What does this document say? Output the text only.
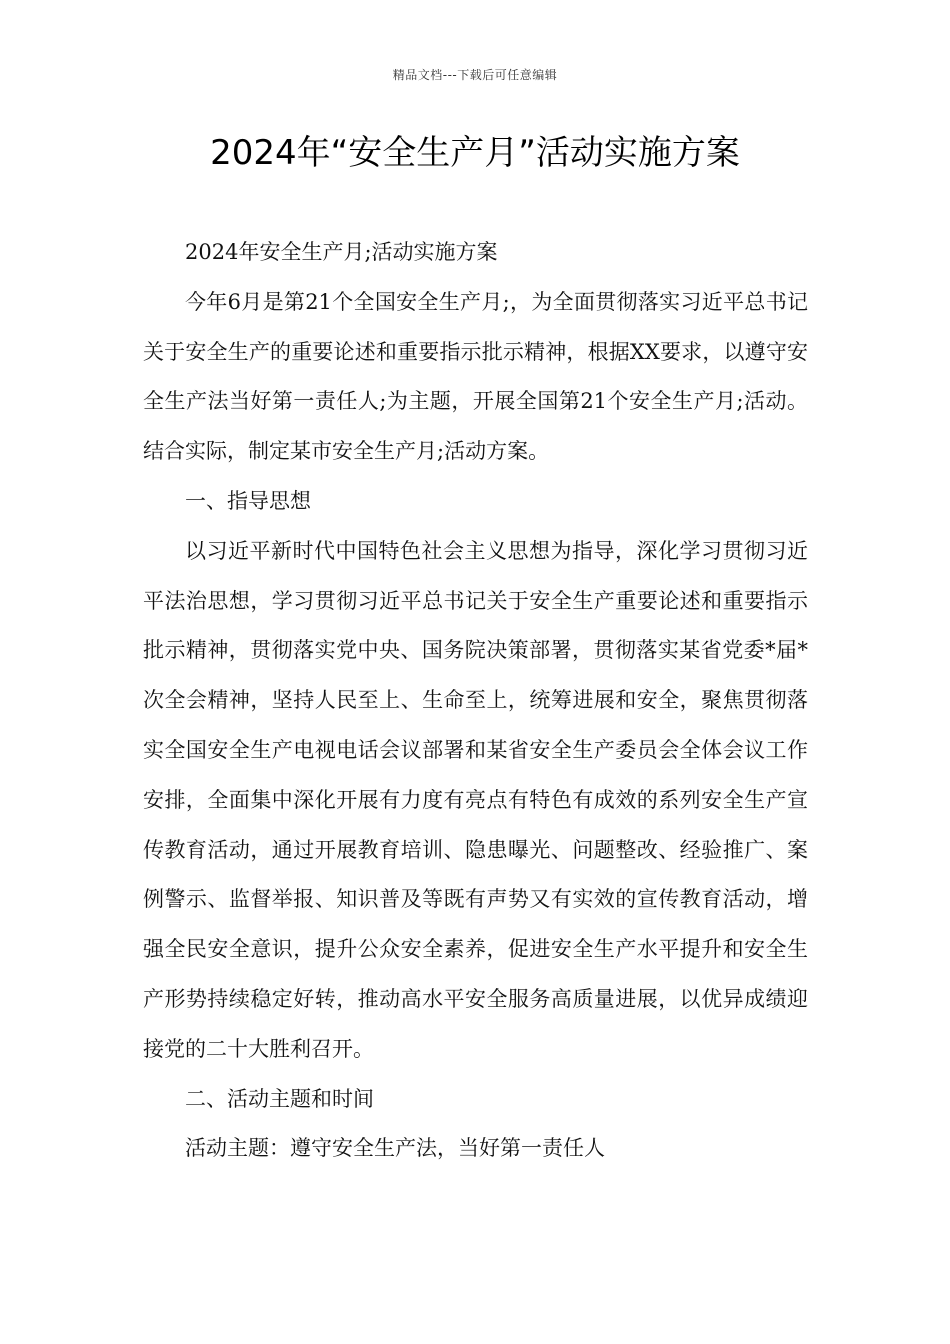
精品文档---下载后可任意编辑
2024年“安全生产月”活动实施方案

2024年安全生产月;活动实施方案

今年6月是第21个全国安全生产月;，为全面贯彻落实习近平总书记关于安全生产的重要论述和重要指示批示精神，根据XX要求，以遵守安全生产法当好第一责任人;为主题，开展全国第21个安全生产月;活动。结合实际，制定某市安全生产月;活动方案。

一、指导思想

以习近平新时代中国特色社会主义思想为指导，深化学习贯彻习近平法治思想，学习贯彻习近平总书记关于安全生产重要论述和重要指示批示精神，贯彻落实党中央、国务院决策部署，贯彻落实某省党委*届*次全会精神，坚持人民至上、生命至上，统筹进展和安全，聚焦贯彻落实全国安全生产电视电话会议部署和某省安全生产委员会全体会议工作安排，全面集中深化开展有力度有亮点有特色有成效的系列安全生产宣传教育活动，通过开展教育培训、隐患曝光、问题整改、经验推广、案例警示、监督举报、知识普及等既有声势又有实效的宣传教育活动，增强全民安全意识，提升公众安全素养，促进安全生产水平提升和安全生产形势持续稳定好转，推动高水平安全服务高质量进展，以优异成绩迎接党的二十大胜利召开。

二、活动主题和时间

活动主题：遵守安全生产法，当好第一责任人
